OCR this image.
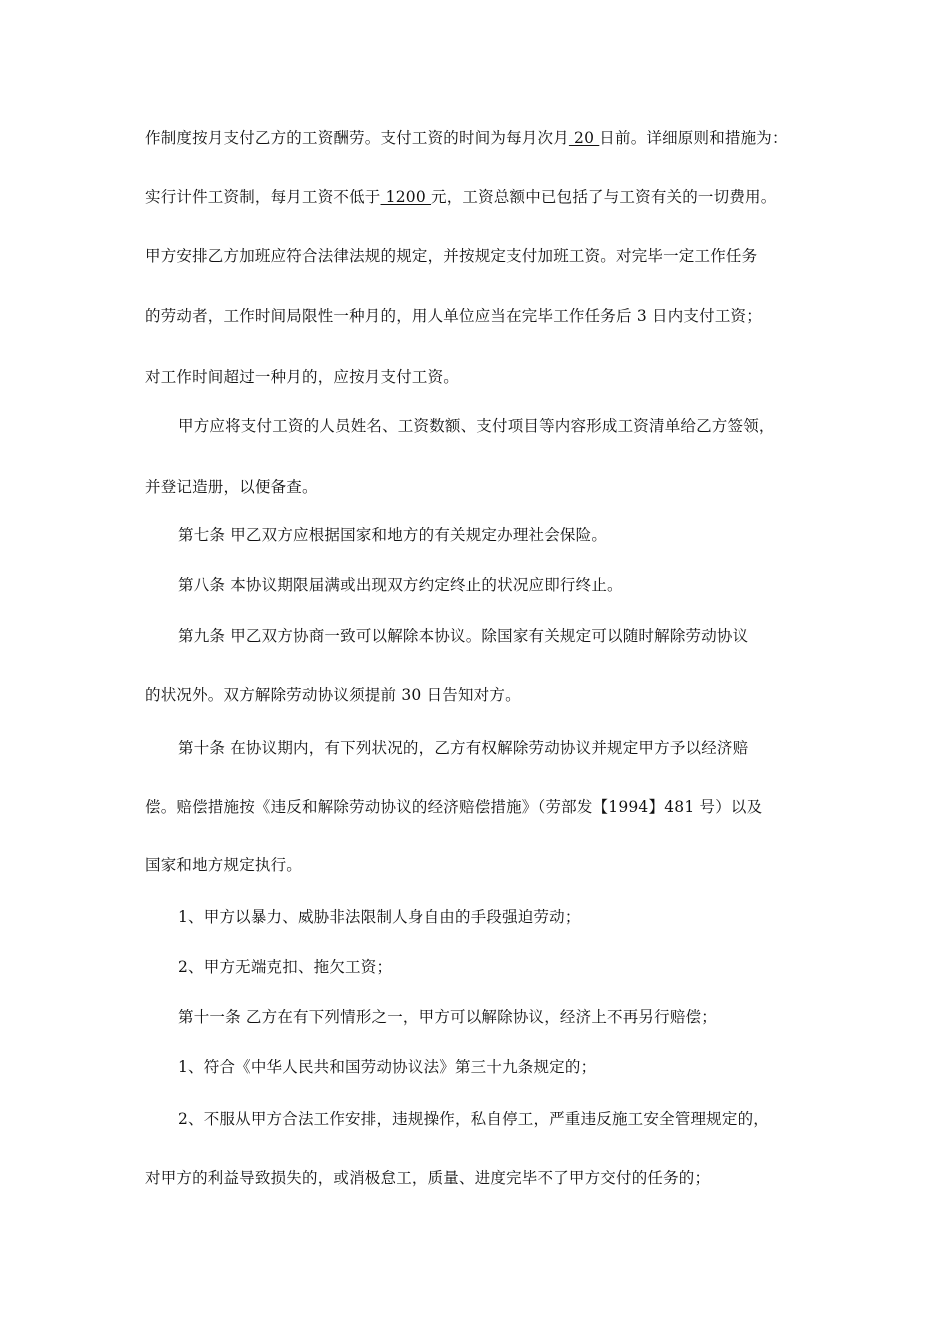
作制度按月支付乙方的工资酬劳。支付工资的时间为每月次月 20 日前。详细原则和措施为：
实行计件工资制，每月工资不低于 1200 元，工资总额中已包括了与工资有关的一切费用。
甲方安排乙方加班应符合法律法规的规定，并按规定支付加班工资。对完毕一定工作任务
的劳动者，工作时间局限性一种月的，用人单位应当在完毕工作任务后 3 日内支付工资；
对工作时间超过一种月的，应按月支付工资。
甲方应将支付工资的人员姓名、工资数额、支付项目等内容形成工资清单给乙方签领，
并登记造册，以便备查。
第七条 甲乙双方应根据国家和地方的有关规定办理社会保险。
第八条 本协议期限届满或出现双方约定终止的状况应即行终止。
第九条 甲乙双方协商一致可以解除本协议。除国家有关规定可以随时解除劳动协议
的状况外。双方解除劳动协议须提前 30 日告知对方。
第十条 在协议期内，有下列状况的，乙方有权解除劳动协议并规定甲方予以经济赔
偿。赔偿措施按《违反和解除劳动协议的经济赔偿措施》（劳部发【1994】481 号）以及
国家和地方规定执行。
1、甲方以暴力、威胁非法限制人身自由的手段强迫劳动；
2、甲方无端克扣、拖欠工资；
第十一条 乙方在有下列情形之一，甲方可以解除协议，经济上不再另行赔偿；
1、符合《中华人民共和国劳动协议法》第三十九条规定的；
2、不服从甲方合法工作安排，违规操作，私自停工，严重违反施工安全管理规定的，
对甲方的利益导致损失的，或消极怠工，质量、进度完毕不了甲方交付的任务的；
